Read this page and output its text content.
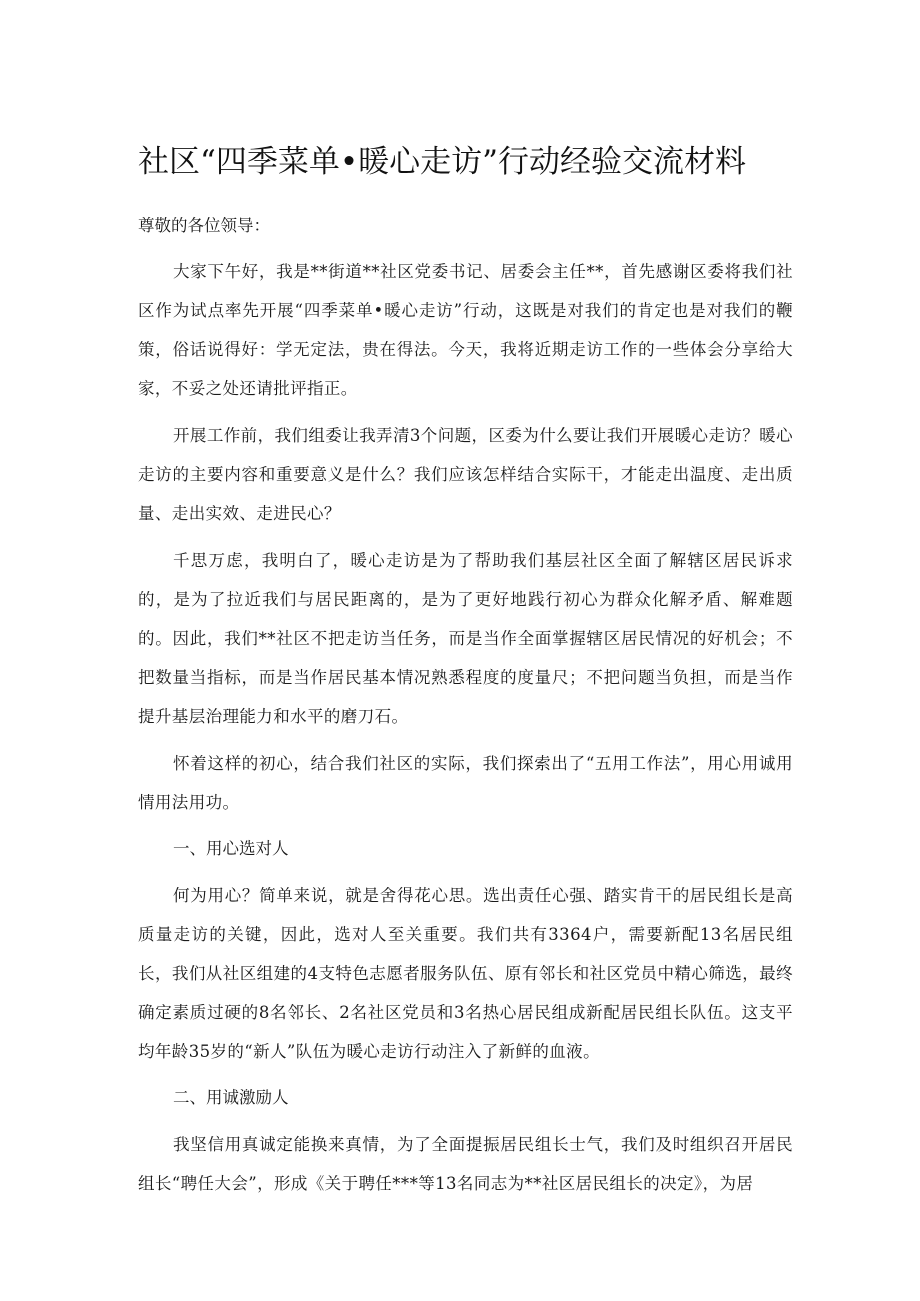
社区“四季菜单•暖心走访”行动经验交流材料

尊敬的各位领导：

大家下午好，我是**街道**社区党委书记、居委会主任**，首先感谢区委将我们社区作为试点率先开展“四季菜单•暖心走访”行动，这既是对我们的肯定也是对我们的鞭策，俗话说得好：学无定法，贵在得法。今天，我将近期走访工作的一些体会分享给大家，不妥之处还请批评指正。

开展工作前，我们组委让我弄清3个问题，区委为什么要让我们开展暖心走访？暖心走访的主要内容和重要意义是什么？我们应该怎样结合实际干，才能走出温度、走出质量、走出实效、走进民心？

千思万虑，我明白了，暖心走访是为了帮助我们基层社区全面了解辖区居民诉求的，是为了拉近我们与居民距离的，是为了更好地践行初心为群众化解矛盾、解难题的。因此，我们**社区不把走访当任务，而是当作全面掌握辖区居民情况的好机会；不把数量当指标，而是当作居民基本情况熟悉程度的度量尺；不把问题当负担，而是当作提升基层治理能力和水平的磨刀石。

怀着这样的初心，结合我们社区的实际，我们探索出了“五用工作法”，用心用诚用情用法用功。

一、用心选对人

何为用心？简单来说，就是舍得花心思。选出责任心强、踏实肯干的居民组长是高质量走访的关键，因此，选对人至关重要。我们共有3364户，需要新配13名居民组长，我们从社区组建的4支特色志愿者服务队伍、原有邻长和社区党员中精心筛选，最终确定素质过硬的8名邻长、2名社区党员和3名热心居民组成新配居民组长队伍。这支平均年龄35岁的“新人”队伍为暖心走访行动注入了新鲜的血液。

二、用诚激励人

我坚信用真诚定能换来真情，为了全面提振居民组长士气，我们及时组织召开居民组长“聘任大会”，形成《关于聘任***等13名同志为**社区居民组长的决定》，为居
